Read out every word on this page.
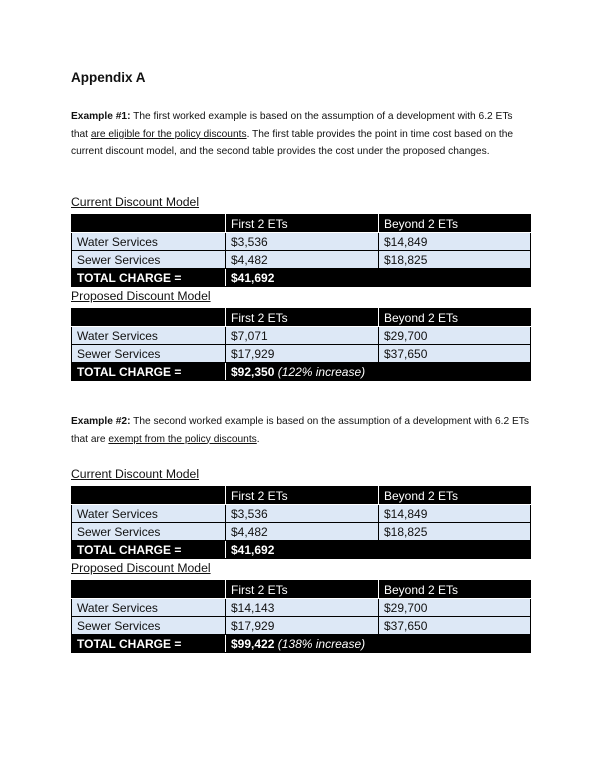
Appendix A

Example #1: The first worked example is based on the assumption of a development with 6.2 ETs that are eligible for the policy discounts. The first table provides the point in time cost based on the current discount model, and the second table provides the cost under the proposed changes.

Current Discount Model

	First 2 ETs	Beyond 2 ETs
Water Services	$3,536	$14,849
Sewer Services	$4,482	$18,825
TOTAL CHARGE =	$41,692	

Proposed Discount Model

	First 2 ETs	Beyond 2 ETs
Water Services	$7,071	$29,700
Sewer Services	$17,929	$37,650
TOTAL CHARGE =	$92,350 (122% increase)	

Example #2: The second worked example is based on the assumption of a development with 6.2 ETs that are exempt from the policy discounts.

Current Discount Model

	First 2 ETs	Beyond 2 ETs
Water Services	$3,536	$14,849
Sewer Services	$4,482	$18,825
TOTAL CHARGE =	$41,692	

Proposed Discount Model

	First 2 ETs	Beyond 2 ETs
Water Services	$14,143	$29,700
Sewer Services	$17,929	$37,650
TOTAL CHARGE =	$99,422 (138% increase)	
